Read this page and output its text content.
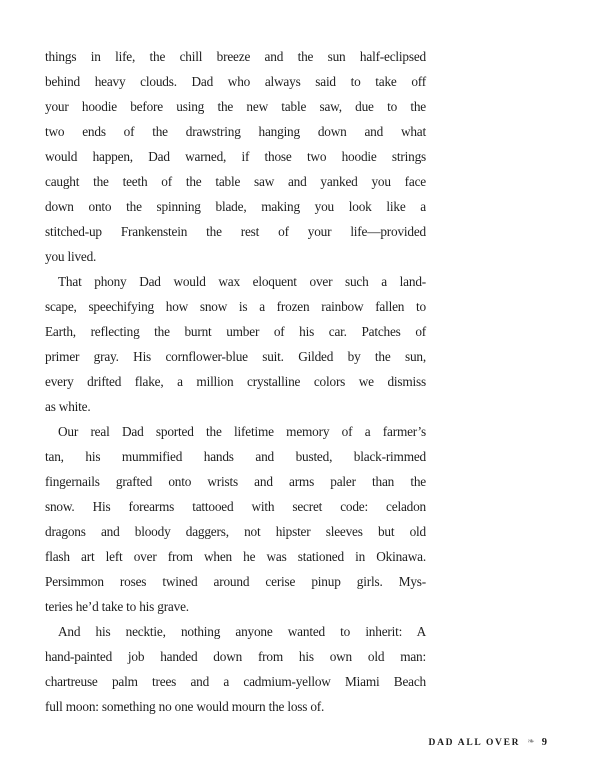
things in life, the chill breeze and the sun half-eclipsed
behind heavy clouds. Dad who always said to take off
your hoodie before using the new table saw, due to the
two ends of the drawstring hanging down and what
would happen, Dad warned, if those two hoodie strings
caught the teeth of the table saw and yanked you face
down onto the spinning blade, making you look like a
stitched-up Frankenstein the rest of your life—provided
you lived.
That phony Dad would wax eloquent over such a land-
scape, speechifying how snow is a frozen rainbow fallen to
Earth, reflecting the burnt umber of his car. Patches of
primer gray. His cornflower-blue suit. Gilded by the sun,
every drifted flake, a million crystalline colors we dismiss
as white.
Our real Dad sported the lifetime memory of a farmer’s
tan, his mummified hands and busted, black-rimmed
fingernails grafted onto wrists and arms paler than the
snow. His forearms tattooed with secret code: celadon
dragons and bloody daggers, not hipster sleeves but old
flash art left over from when he was stationed in Okinawa.
Persimmon roses twined around cerise pinup girls. Mys-
teries he’d take to his grave.
And his necktie, nothing anyone wanted to inherit: A
hand-painted job handed down from his own old man:
chartreuse palm trees and a cadmium-yellow Miami Beach
full moon: something no one would mourn the loss of.
DAD ALL OVER ❧ 9
